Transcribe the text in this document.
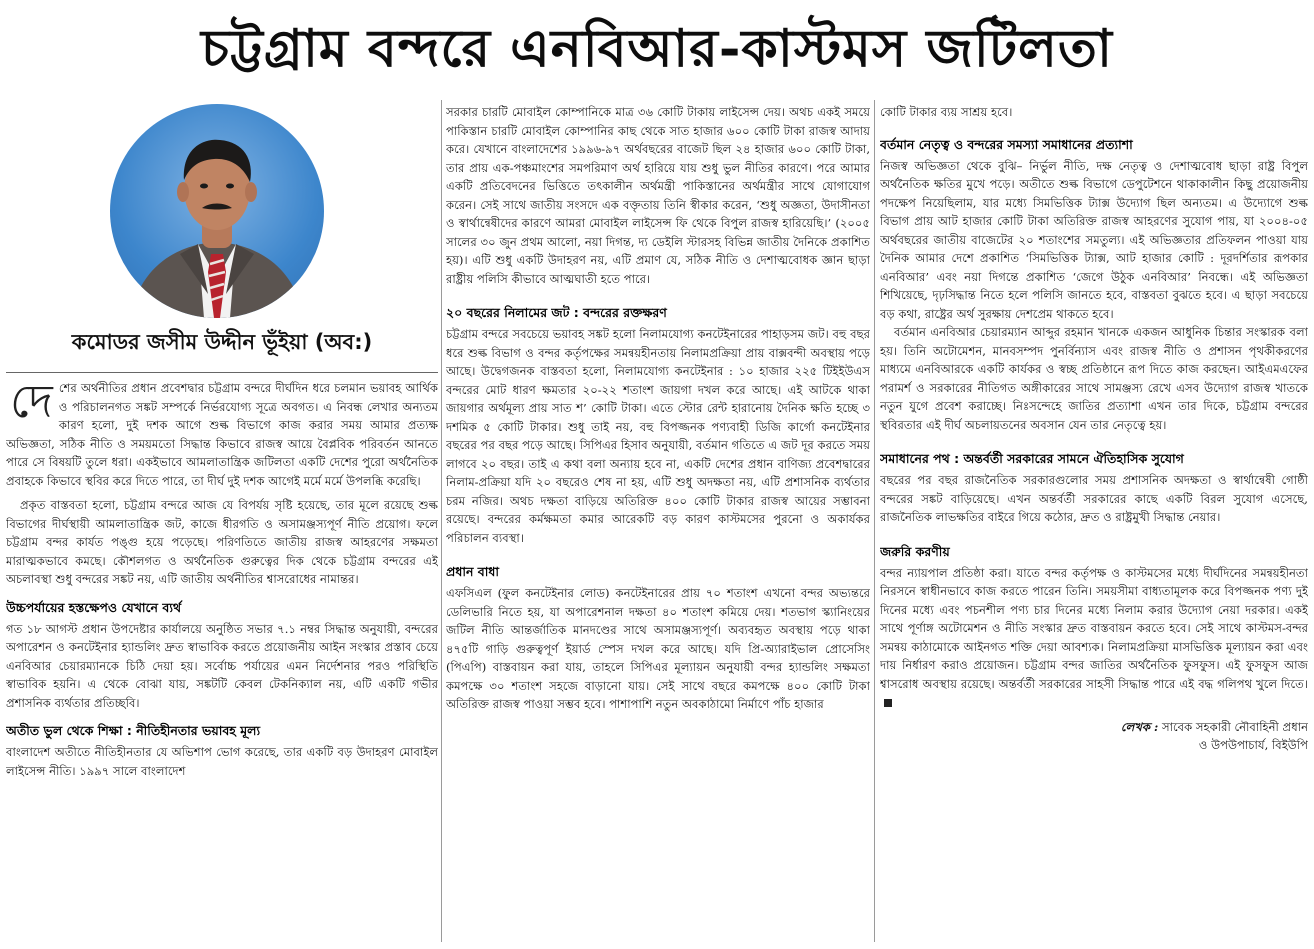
চট্টগ্রাম বন্দরে এনবিআর-কাস্টমস জটিলতা
কমোডর জসীম উদ্দীন ভূঁইয়া (অব:)
দে শের অর্থনীতির প্রধান প্রবেশদ্বার চট্টগ্রাম বন্দরে দীর্ঘদিন ধরে চলমান ভয়াবহ আর্থিক ও পরিচালনগত সঙ্কট সম্পর্কে নির্ভরযোগ্য সূত্রে অবগত। এ নিবন্ধ লেখার অন্যতম কারণ হলো, দুই দশক আগে শুল্ক বিভাগে কাজ করার সময় আমার প্রত্যক্ষ অভিজ্ঞতা, সঠিক নীতি ও সময়মতো সিদ্ধান্ত কিভাবে রাজস্ব আয়ে বৈপ্লবিক পরিবর্তন আনতে পারে সে বিষয়টি তুলে ধরা। একইভাবে আমলাতান্ত্রিক জটিলতা একটি দেশের পুরো অর্থনৈতিক প্রবাহকে কিভাবে স্থবির করে দিতে পারে, তা দীর্ঘ দুই দশক আগেই মর্মে মর্মে উপলব্ধি করেছি।

প্রকৃত বাস্তবতা হলো, চট্টগ্রাম বন্দরে আজ যে বিপর্যয় সৃষ্টি হয়েছে, তার মূলে রয়েছে শুল্ক বিভাগের দীর্ঘস্থায়ী আমলাতান্ত্রিক জট, কাজে ধীরগতি ও অসামঞ্জস্যপূর্ণ নীতি প্রয়োগ। ফলে চট্টগ্রাম বন্দর কার্যত পঙ্গু হয়ে পড়েছে। পরিণতিতে জাতীয় রাজস্ব আহরণের সক্ষমতা মারাত্মকভাবে কমছে। কৌশলগত ও অর্থনৈতিক গুরুত্বের দিক থেকে চট্টগ্রাম বন্দরের এই অচলাবস্থা শুধু বন্দরের সঙ্কট নয়, এটি জাতীয় অর্থনীতির শ্বাসরোধের নামান্তর।

উচ্চপর্যায়ের হস্তক্ষেপও যেখানে ব্যর্থ

গত ১৮ আগস্ট প্রধান উপদেষ্টার কার্যালয়ে অনুষ্ঠিত সভার ৭.১ নম্বর সিদ্ধান্ত অনুযায়ী, বন্দরের অপারেশন ও কনটেইনার হ্যান্ডলিং দ্রুত স্বাভাবিক করতে প্রয়োজনীয় আইন সংস্কার প্রস্তাব চেয়ে এনবিআর চেয়ারম্যানকে চিঠি দেয়া হয়। সর্বোচ্চ পর্যায়ের এমন নির্দেশনার পরও পরিস্থিতি স্বাভাবিক হয়নি। এ থেকে বোঝা যায়, সঙ্কটটি কেবল টেকনিক্যাল নয়, এটি একটি গভীর প্রশাসনিক ব্যর্থতার প্রতিচ্ছবি।

অতীত ভুল থেকে শিক্ষা : নীতিহীনতার ভয়াবহ মূল্য

বাংলাদেশ অতীতে নীতিহীনতার যে অভিশাপ ভোগ করেছে, তার একটি বড় উদাহরণ মোবাইল লাইসেন্স নীতি। ১৯৯৭ সালে বাংলাদেশ

সরকার চারটি মোবাইল কোম্পানিকে মাত্র ৩৬ কোটি টাকায় লাইসেন্স দেয়। অথচ একই সময়ে পাকিস্তান চারটি মোবাইল কোম্পানির কাছ থেকে সাত হাজার ৬০০ কোটি টাকা রাজস্ব আদায় করে। যেখানে বাংলাদেশের ১৯৯৬-৯৭ অর্থবছরের বাজেট ছিল ২৪ হাজার ৬০০ কোটি টাকা, তার প্রায় এক-পঞ্চমাংশের সমপরিমাণ অর্থ হারিয়ে যায় শুধু ভুল নীতির কারণে। পরে আমার একটি প্রতিবেদনের ভিত্তিতে তৎকালীন অর্থমন্ত্রী পাকিস্তানের অর্থমন্ত্রীর সাথে যোগাযোগ করেন। সেই সাথে জাতীয় সংসদে এক বক্তৃতায় তিনি স্বীকার করেন, ‘শুধু অজ্ঞতা, উদাসীনতা ও স্বার্থান্বেষীদের কারণে আমরা মোবাইল লাইসেন্স ফি থেকে বিপুল রাজস্ব হারিয়েছি।’ (২০০৫ সালের ৩০ জুন প্রথম আলো, নয়া দিগন্ত, দ্য ডেইলি স্টারসহ বিভিন্ন জাতীয় দৈনিকে প্রকাশিত হয়)। এটি শুধু একটি উদাহরণ নয়, এটি প্রমাণ যে, সঠিক নীতি ও দেশাত্মবোধক জ্ঞান ছাড়া রাষ্ট্রীয় পলিসি কীভাবে আত্মঘাতী হতে পারে।

২০ বছরের নিলামের জট : বন্দরের রক্তক্ষরণ

চট্টগ্রাম বন্দরে সবচেয়ে ভয়াবহ সঙ্কট হলো নিলামযোগ্য কনটেইনারের পাহাড়সম জট। বহু বছর ধরে শুল্ক বিভাগ ও বন্দর কর্তৃপক্ষের সমন্বয়হীনতায় নিলামপ্রক্রিয়া প্রায় বাক্সবন্দী অবস্থায় পড়ে আছে। উদ্বেগজনক বাস্তবতা হলো, নিলামযোগ্য কনটেইনার : ১০ হাজার ২২৫ টিইইউএস বন্দরের মোট ধারণ ক্ষমতার ২০-২২ শতাংশ জায়গা দখল করে আছে। এই আটকে থাকা জায়গার অর্থমূল্য প্রায় সাত শ’ কোটি টাকা। এতে স্টোর রেন্ট হারানোয় দৈনিক ক্ষতি হচ্ছে ৩ দশমিক ৫ কোটি টাকার। শুধু তাই নয়, বহু বিপজ্জনক পণ্যবাহী ডিজি কার্গো কনটেইনার বছরের পর বছর পড়ে আছে। সিপিএর হিসাব অনুযায়ী, বর্তমান গতিতে এ জট দূর করতে সময় লাগবে ২০ বছর। তাই এ কথা বলা অন্যায় হবে না, একটি দেশের প্রধান বাণিজ্য প্রবেশদ্বারের নিলাম-প্রক্রিয়া যদি ২০ বছরেও শেষ না হয়, এটি শুধু অদক্ষতা নয়, এটি প্রশাসনিক ব্যর্থতার চরম নজির। অথচ দক্ষতা বাড়িয়ে অতিরিক্ত ৪০০ কোটি টাকার রাজস্ব আয়ের সম্ভাবনা রয়েছে। বন্দরের কর্মক্ষমতা কমার আরেকটি বড় কারণ কাস্টমসের পুরনো ও অকার্যকর পরিচালন ব্যবস্থা।

প্রধান বাধা

এফসিএল (ফুল কনটেইনার লোড) কনটেইনারের প্রায় ৭০ শতাংশ এখনো বন্দর অভ্যন্তরে ডেলিভারি নিতে হয়, যা অপারেশনাল দক্ষতা ৪০ শতাংশ কমিয়ে দেয়। শতভাগ স্ক্যানিংয়ের জটিল নীতি আন্তর্জাতিক মানদণ্ডের সাথে অসামঞ্জস্যপূর্ণ। অব্যবহৃত অবস্থায় পড়ে থাকা ৪৭৫টি গাড়ি গুরুত্বপূর্ণ ইয়ার্ড স্পেস দখল করে আছে। যদি প্রি-অ্যারাইভাল প্রোসেসিং (পিএপি) বাস্তবায়ন করা যায়, তাহলে সিপিএর মূল্যায়ন অনুযায়ী বন্দর হ্যান্ডলিং সক্ষমতা কমপক্ষে ৩০ শতাংশ সহজে বাড়ানো যায়। সেই সাথে বছরে কমপক্ষে ৪০০ কোটি টাকা অতিরিক্ত রাজস্ব পাওয়া সম্ভব হবে। পাশাপাশি নতুন অবকাঠামো নির্মাণে পাঁচ হাজার

কোটি টাকার ব্যয় সাশ্রয় হবে।

বর্তমান নেতৃত্ব ও বন্দরের সমস্যা সমাধানের প্রত্যাশা

নিজস্ব অভিজ্ঞতা থেকে বুঝি– নির্ভুল নীতি, দক্ষ নেতৃত্ব ও দেশাত্মবোধ ছাড়া রাষ্ট্র বিপুল অর্থনৈতিক ক্ষতির মুখে পড়ে। অতীতে শুল্ক বিভাগে ডেপুটেশনে থাকাকালীন কিছু প্রয়োজনীয় পদক্ষেপ নিয়েছিলাম, যার মধ্যে সিমভিত্তিক ট্যাক্স উদ্যোগ ছিল অন্যতম। এ উদ্যোগে শুল্ক বিভাগ প্রায় আট হাজার কোটি টাকা অতিরিক্ত রাজস্ব আহরণের সুযোগ পায়, যা ২০০৪-০৫ অর্থবছরের জাতীয় বাজেটের ২০ শতাংশের সমতুল্য। এই অভিজ্ঞতার প্রতিফলন পাওয়া যায় দৈনিক আমার দেশে প্রকাশিত ‘সিমভিত্তিক ট্যাক্স, আট হাজার কোটি : দূরদর্শিতার রূপকার এনবিআর’ এবং নয়া দিগন্তে প্রকাশিত ‘জেগে উঠুক এনবিআর’ নিবন্ধে। এই অভিজ্ঞতা শিখিয়েছে, দৃঢ়সিদ্ধান্ত নিতে হলে পলিসি জানতে হবে, বাস্তবতা বুঝতে হবে। এ ছাড়া সবচেয়ে বড় কথা, রাষ্ট্রের অর্থ সুরক্ষায় দেশপ্রেম থাকতে হবে।

বর্তমান এনবিআর চেয়ারম্যান আব্দুর রহমান খানকে একজন আধুনিক চিন্তার সংস্কারক বলা হয়। তিনি অটোমেশন, মানবসম্পদ পুনর্বিন্যাস এবং রাজস্ব নীতি ও প্রশাসন পৃথকীকরণের মাধ্যমে এনবিআরকে একটি কার্যকর ও স্বচ্ছ প্রতিষ্ঠানে রূপ দিতে কাজ করছেন। আইএমএফের পরামর্শ ও সরকারের নীতিগত অঙ্গীকারের সাথে সামঞ্জস্য রেখে এসব উদ্যোগ রাজস্ব খাতকে নতুন যুগে প্রবেশ করাচ্ছে। নিঃসন্দেহে জাতির প্রত্যাশা এখন তার দিকে, চট্টগ্রাম বন্দরের স্থবিরতার এই দীর্ঘ অচলায়তনের অবসান যেন তার নেতৃত্বে হয়।

সমাধানের পথ : অন্তর্বর্তী সরকারের সামনে ঐতিহাসিক সুযোগ

বছরের পর বছর রাজনৈতিক সরকারগুলোর সময় প্রশাসনিক অদক্ষতা ও স্বার্থান্বেষী গোষ্ঠী বন্দরের সঙ্কট বাড়িয়েছে। এখন অন্তর্বর্তী সরকারের কাছে একটি বিরল সুযোগ এসেছে, রাজনৈতিক লাভক্ষতির বাইরে গিয়ে কঠোর, দ্রুত ও রাষ্ট্রমুখী সিদ্ধান্ত নেয়ার।

জরুরি করণীয়

বন্দর ন্যায়পাল প্রতিষ্ঠা করা। যাতে বন্দর কর্তৃপক্ষ ও কাস্টমসের মধ্যে দীর্ঘদিনের সমন্বয়হীনতা নিরসনে স্বাধীনভাবে কাজ করতে পারেন তিনি। সময়সীমা বাধ্যতামূলক করে বিপজ্জনক পণ্য দুই দিনের মধ্যে এবং পচনশীল পণ্য চার দিনের মধ্যে নিলাম করার উদ্যোগ নেয়া দরকার। একই সাথে পূর্ণাঙ্গ অটোমেশন ও নীতি সংস্কার দ্রুত বাস্তবায়ন করতে হবে। সেই সাথে কাস্টমস-বন্দর সমন্বয় কাঠামোকে আইনগত শক্তি দেয়া আবশ্যক। নিলামপ্রক্রিয়া মাসভিত্তিক মূল্যায়ন করা এবং দায় নির্ধারণ করাও প্রয়োজন। চট্টগ্রাম বন্দর জাতির অর্থনৈতিক ফুসফুস। এই ফুসফুস আজ শ্বাসরোধ অবস্থায় রয়েছে। অন্তর্বর্তী সরকারের সাহসী সিদ্ধান্ত পারে এই বদ্ধ গলিপথ খুলে দিতে।

লেখক : সাবেক সহকারী নৌবাহিনী প্রধান
ও উপউপাচার্য, বিইউপি
